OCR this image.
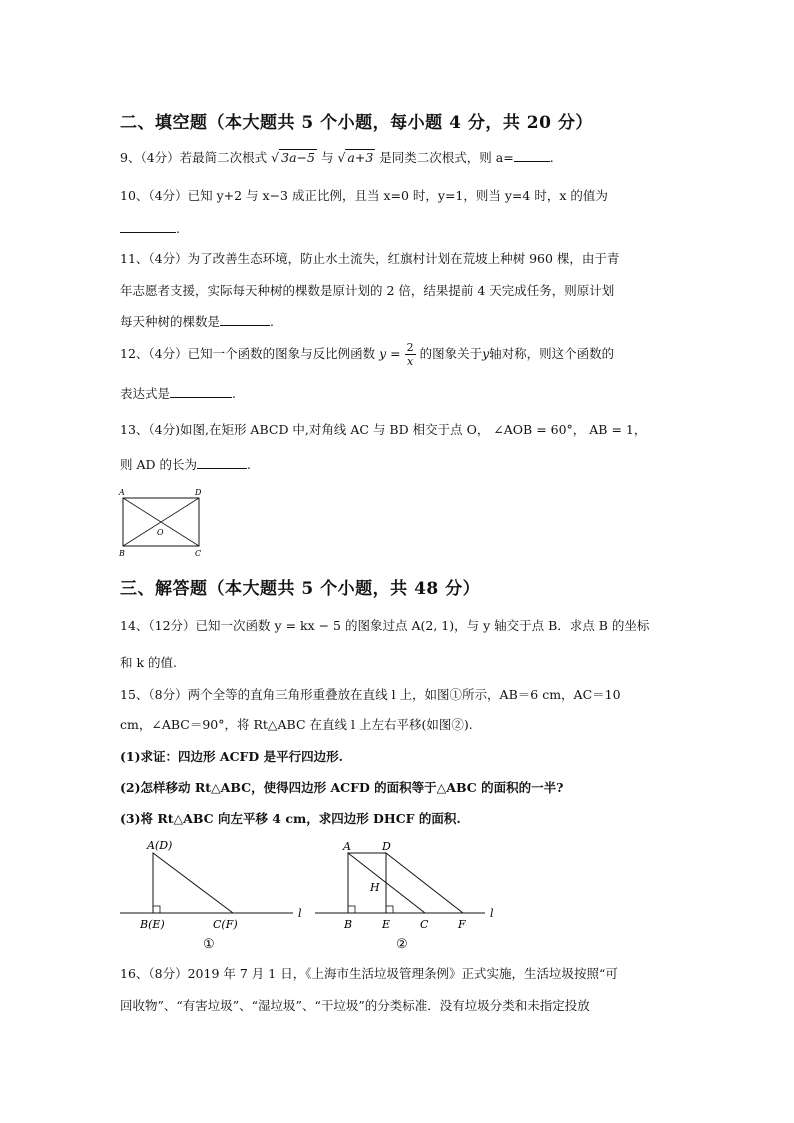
二、填空题（本大题共 5 个小题，每小题 4 分，共 20 分）
9、（4分）若最简二次根式 √ 3a−5 与 √ a+3 是同类二次根式，则 a=	.
10、（4分）已知 y+2 与 x−3 成正比例，且当 x=0 时，y=1，则当 y=4 时，x 的值为
.
11、（4分）为了改善生态环境，防止水土流失，红旗村计划在荒坡上种树 960 棵，由于青
年志愿者支援，实际每天种树的棵数是原计划的 2 倍，结果提前 4 天完成任务，则原计划
每天种树的棵数是	.
12、（4分）已知一个函数的图象与反比例函数 $y = \frac{2}{x}$ 的图象关于y轴对称，则这个函数的
表达式是	.
13、（4分)如图,在矩形 ABCD 中,对角线 AC 与 BD 相交于点 O， ∠AOB = 60°， AB = 1，
则 AD 的长为	.
A	D
B	C
O
三、解答题（本大题共 5 个小题，共 48 分）
14、（12分）已知一次函数 y = kx − 5 的图象过点 A(2, 1)，与 y 轴交于点 B．求点 B 的坐标
和 k 的值.
15、（8分）两个全等的直角三角形重叠放在直线 l 上，如图①所示，AB＝6 cm，AC＝10
cm，∠ABC＝90°，将 Rt△ABC 在直线 l 上左右平移(如图②).
(1)求证：四边形 ACFD 是平行四边形.
(2)怎样移动 Rt△ABC，使得四边形 ACFD 的面积等于△ABC 的面积的一半?
(3)将 Rt△ABC 向左平移 4 cm，求四边形 DHCF 的面积.
A(D)
B(E)	C(F)
l
①
A	D
H
B	E	C	F
l
②
16、（8分）2019 年 7 月 1 日，《上海市生活垃圾管理条例》正式实施，生活垃圾按照“可
回收物”、“有害垃圾”、“湿垃圾”、“干垃圾”的分类标准．没有垃圾分类和未指定投放
